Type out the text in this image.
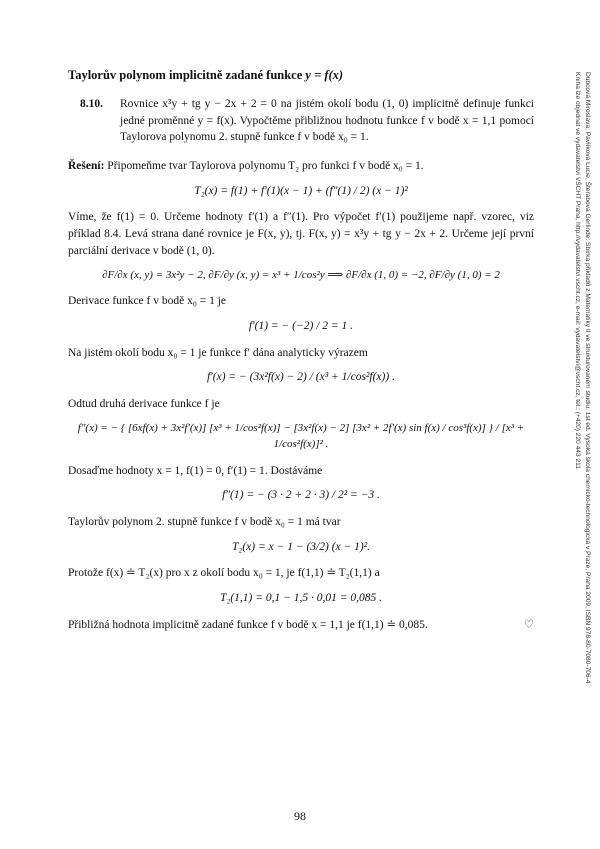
Taylorův polynom implicitně zadané funkce y = f(x)
8.10.	Rovnice x³y + tg y − 2x + 2 = 0 na jistém okolí bodu (1, 0) implicitně definuje funkci jedné proměnné y = f(x). Vypočtěme přibližnou hodnotu funkce f v bodě x = 1,1 pomocí Taylorova polynomu 2. stupně funkce f v bodě x₀ = 1.

Řešení: Připomeňme tvar Taylorova polynomu T₂ pro funkci f v bodě x₀ = 1.

T₂(x) = f(1) + f′(1)(x − 1) + (f″(1) / 2) (x − 1)²

Víme, že f(1) = 0. Určeme hodnoty f′(1) a f″(1). Pro výpočet f′(1) použijeme např. vzorec, viz příklad 8.4. Levá strana dané rovnice je F(x, y), tj. F(x, y) = x³y + tg y − 2x + 2. Určeme její první parciální derivace v bodě (1, 0).

∂F/∂x (x, y) = 3x²y − 2, ∂F/∂y (x, y) = x³ + 1/cos²y ⟹ ∂F/∂x (1, 0) = −2, ∂F/∂y (1, 0) = 2

Derivace funkce f v bodě x₀ = 1 je

f′(1) = − (−2) / 2 = 1 .

Na jistém okolí bodu x₀ = 1 je funkce f′ dána analyticky výrazem

f′(x) = − (3x²f(x) − 2) / (x³ + 1/cos²f(x)) .

Odtud druhá derivace funkce f je

f″(x) = − { [6xf(x) + 3x²f′(x)] [x³ + 1/cos²f(x)] − [3x²f(x) − 2] [3x² + 2f′(x) sin f(x) / cos³f(x)] } / [x³ + 1/cos²f(x)]² .

Dosaďme hodnoty x = 1, f(1) = 0, f′(1) = 1. Dostáváme

f″(1) = − (3 · 2 + 2 · 3) / 2² = −3 .

Taylorův polynom 2. stupně funkce f v bodě x₀ = 1 má tvar

T₂(x) = x − 1 − (3/2) (x − 1)².

Protože f(x) ≐ T₂(x) pro x z okolí bodu x₀ = 1, je f(1,1) ≐ T₂(1,1) a

T₂(1,1) = 0,1 − 1,5 · 0,01 = 0,085 .

Přibližná hodnota implicitně zadané funkce f v bodě x = 1,1 je f(1,1) ≐ 0,085.	♡

98
Dubcová Miroslava, Pavlíková Lucie, Šterabová Gerlinde: Sbírka příkladů z Matematiky II ve strukturovaném studiu. 1st ed. Vysoká škola chemicko-technologická v Praze, Praha 2009, ISBN 978-80-7080-706-4
Kniha lze objednat ve vydavatelství VŠCHT Praha, http://vydavatelstvi.vscht.cz, e-mail: vydavatelstvi@vscht.cz, tel.: (+420) 220 443 211
